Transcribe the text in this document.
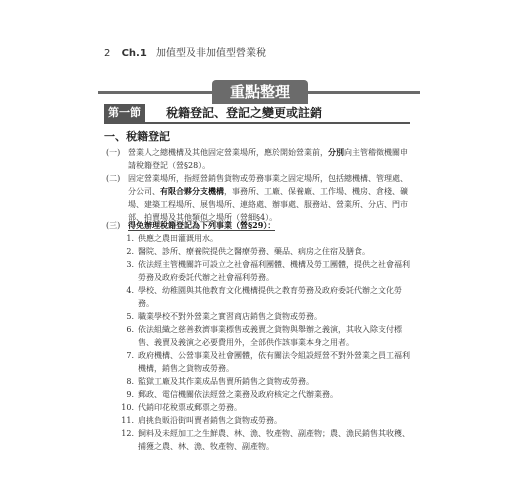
2 Ch.1 加值型及非加值型營業稅
重點整理
第一節	稅籍登記、登記之變更或註銷
一、稅籍登記
(一) 營業人之總機構及其他固定營業場所，應於開始營業前，分別向主管稽徵機關申請稅籍登記（營§28）。
(二) 固定營業場所，指經營銷售貨物或勞務事業之固定場所，包括總機構、管理處、分公司、有限合夥分支機構，事務所、工廠、保養廠、工作場、機房、倉棧、礦場、建築工程場所、展售場所、連絡處、辦事處、服務站、營業所、分店、門市部、拍賣場及其他類似之場所（營細§4）。
(三) 得免辦理稅籍登記為下列事業（營§29）：
1. 供應之農田灌溉用水。
2. 醫院、診所、療養院提供之醫療勞務、藥品、病房之住宿及膳食。
3. 依法經主管機關許可設立之社會福利團體、機構及勞工團體，提供之社會福利勞務及政府委託代辦之社會福利勞務。
4. 學校、幼稚園與其他教育文化機構提供之教育勞務及政府委託代辦之文化勞務。
5. 職業學校不對外營業之實習商店銷售之貨物或勞務。
6. 依法組織之慈善救濟事業標售或義賣之貨物與舉辦之義演，其收入除支付標售、義賣及義演之必要費用外，全部供作該事業本身之用者。
7. 政府機構、公營事業及社會團體，依有關法令組設經營不對外營業之員工福利機構，銷售之貨物或勞務。
8. 監獄工廠及其作業成品售賣所銷售之貨物或勞務。
9. 郵政、電信機關依法經營之業務及政府核定之代辦業務。
10. 代銷印花稅票或郵票之勞務。
11. 肩挑負販沿街叫賣者銷售之貨物或勞務。
12. 飼料及未經加工之生鮮農、林、漁、牧產物、副產物；農、漁民銷售其收穫、捕獲之農、林、漁、牧產物、副產物。
